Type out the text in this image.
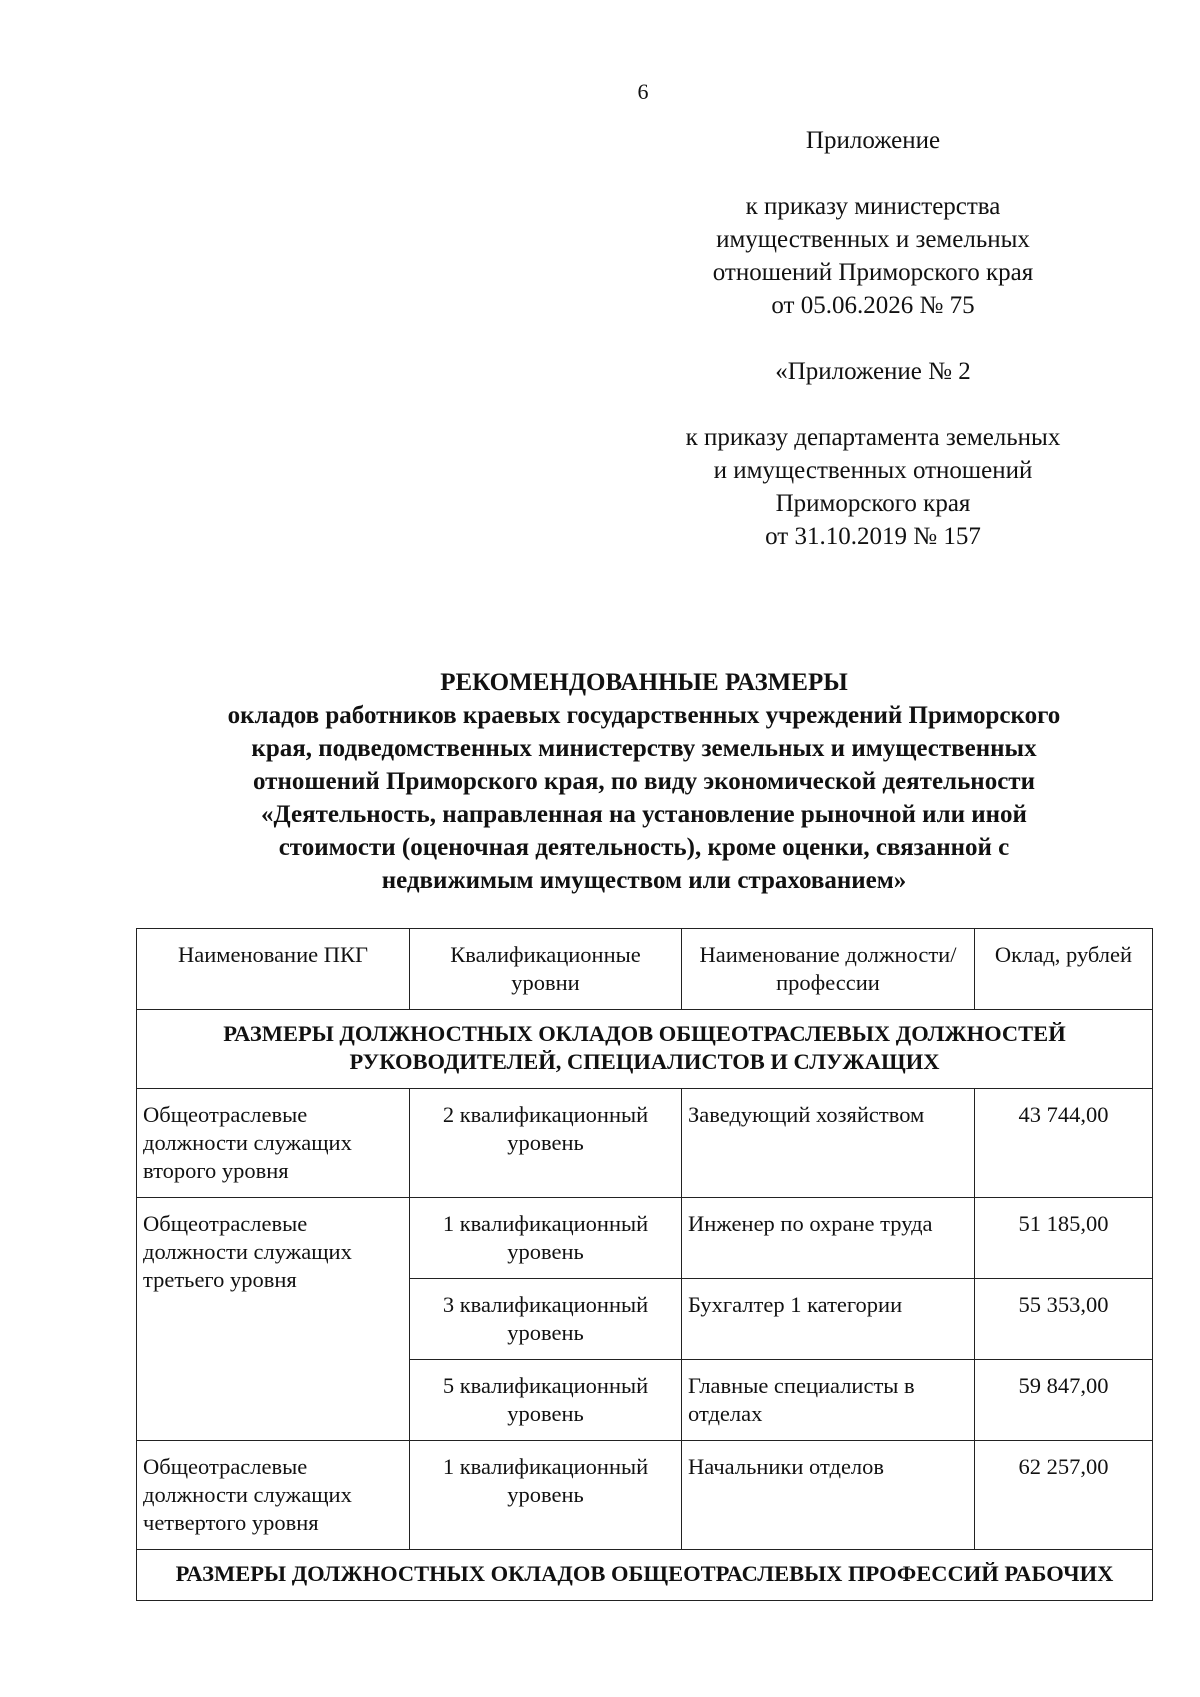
6
Приложение
к приказу министерства
имущественных и земельных
отношений Приморского края
от 05.06.2026 № 75
«Приложение № 2
к приказу департамента земельных
и имущественных отношений
Приморского края
от 31.10.2019 № 157
РЕКОМЕНДОВАННЫЕ РАЗМЕРЫ
окладов работников краевых государственных учреждений Приморского
края, подведомственных министерству земельных и имущественных
отношений Приморского края, по виду экономической деятельности
«Деятельность, направленная на установление рыночной или иной
стоимости (оценочная деятельность), кроме оценки, связанной с
недвижимым имуществом или страхованием»
Наименование ПКГ	Квалификационные уровни	Наименование должности/профессии	Оклад, рублей
РАЗМЕРЫ ДОЛЖНОСТНЫХ ОКЛАДОВ ОБЩЕОТРАСЛЕВЫХ ДОЛЖНОСТЕЙ РУКОВОДИТЕЛЕЙ, СПЕЦИАЛИСТОВ И СЛУЖАЩИХ			
Общеотраслевые должности служащих второго уровня	2 квалификационный уровень	Заведующий хозяйством	43 744,00
Общеотраслевые должности служащих третьего уровня	1 квалификационный уровень	Инженер по охране труда	51 185,00
	3 квалификационный уровень	Бухгалтер 1 категории	55 353,00
	5 квалификационный уровень	Главные специалисты в отделах	59 847,00
Общеотраслевые должности служащих четвертого уровня	1 квалификационный уровень	Начальники отделов	62 257,00
РАЗМЕРЫ ДОЛЖНОСТНЫХ ОКЛАДОВ ОБЩЕОТРАСЛЕВЫХ ПРОФЕССИЙ РАБОЧИХ			
